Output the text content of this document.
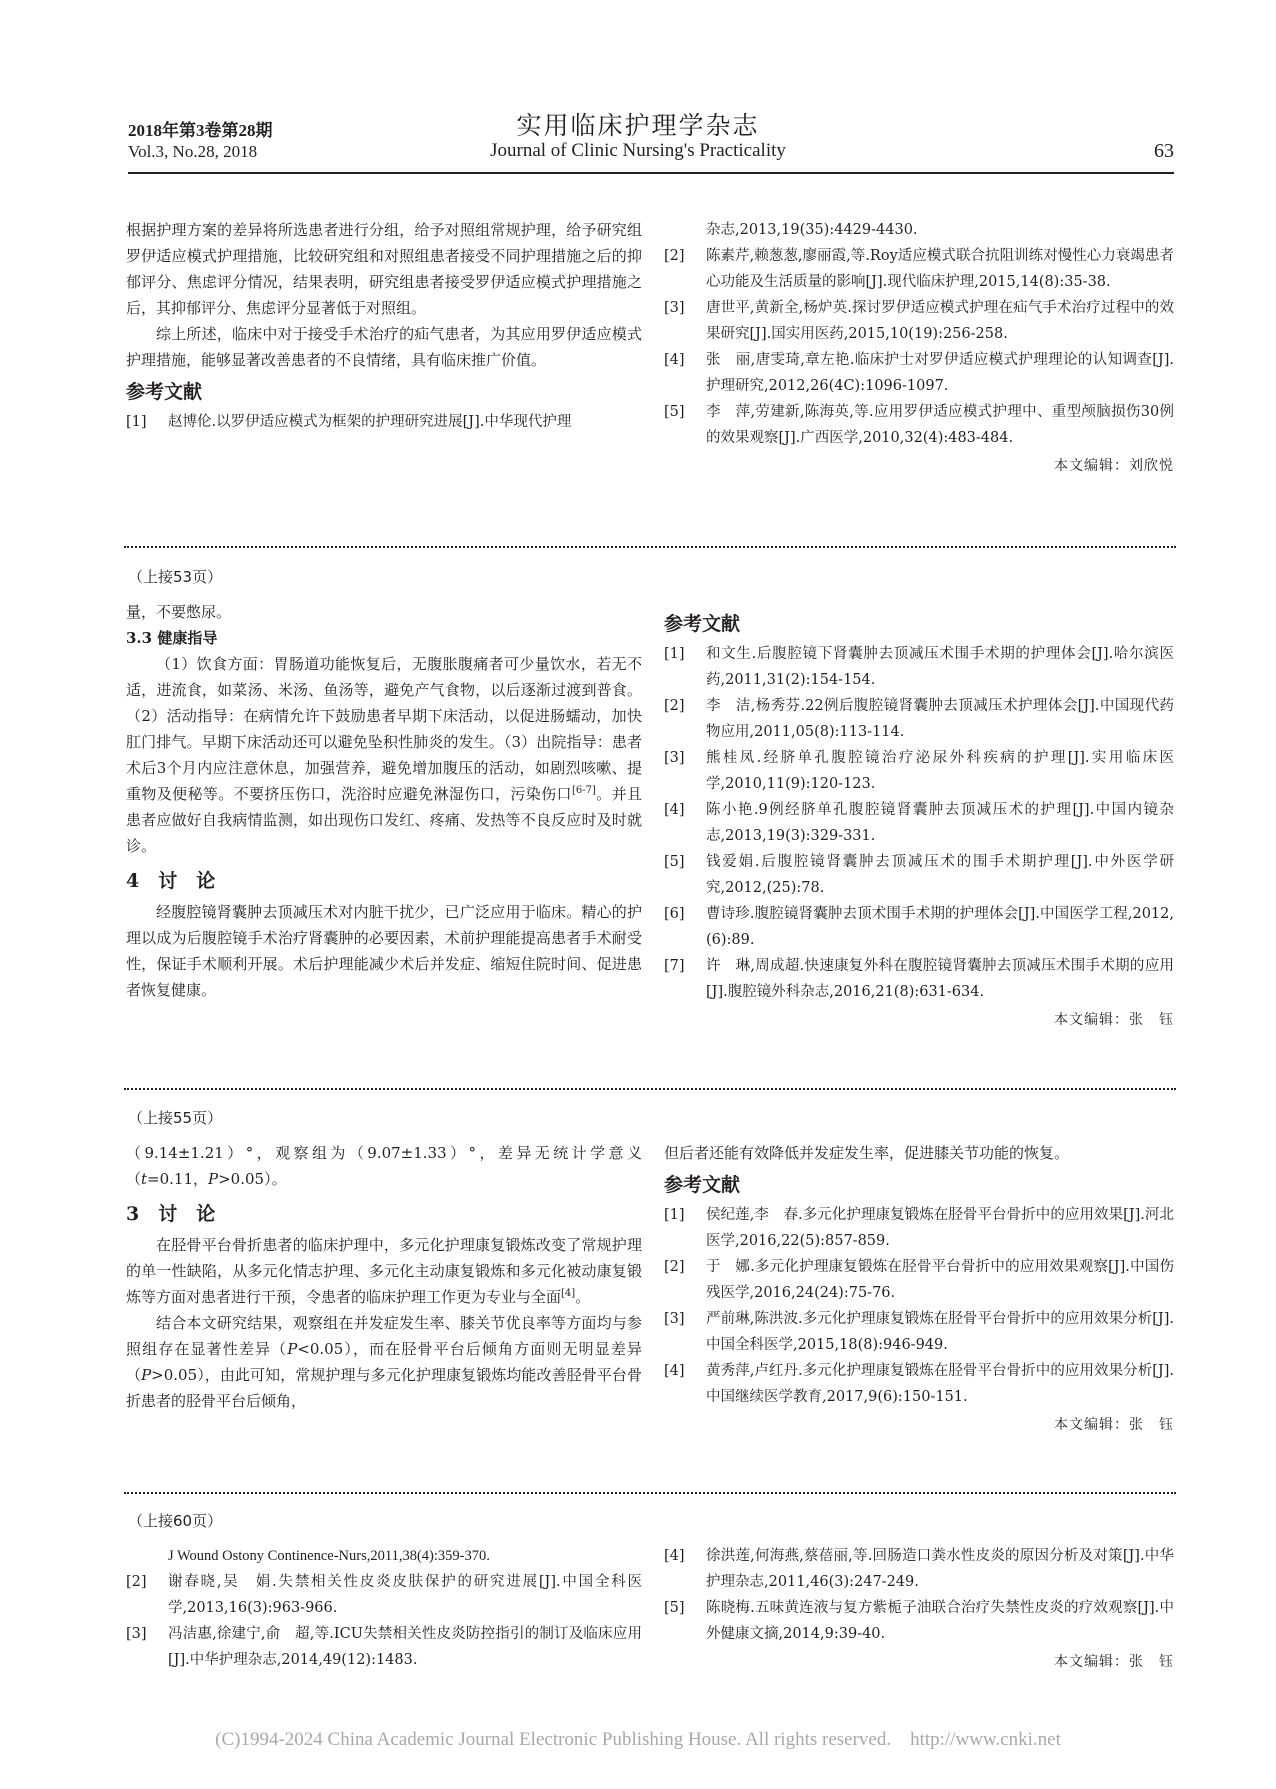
2018年第3卷第28期
Vol.3, No.28, 2018
实用临床护理学杂志
Journal of Clinic Nursing's Practicality	63

根据护理方案的差异将所选患者进行分组，给予对照组常规护理，给予研究组罗伊适应模式护理措施，比较研究组和对照组患者接受不同护理措施之后的抑郁评分、焦虑评分情况，结果表明，研究组患者接受罗伊适应模式护理措施之后，其抑郁评分、焦虑评分显著低于对照组。

综上所述，临床中对于接受手术治疗的疝气患者，为其应用罗伊适应模式护理措施，能够显著改善患者的不良情绪，具有临床推广价值。

参考文献
[1]	赵博伦.以罗伊适应模式为框架的护理研究进展[J].中华现代护理
杂志,2013,19(35):4429-4430.
[2]	陈素芹,赖葱葱,廖丽霞,等.Roy适应模式联合抗阻训练对慢性心力衰竭患者心功能及生活质量的影响[J].现代临床护理,2015,14(8):35-38.
[3]	唐世平,黄新全,杨炉英.探讨罗伊适应模式护理在疝气手术治疗过程中的效果研究[J].国实用医药,2015,10(19):256-258.
[4]	张　丽,唐雯琦,章左艳.临床护士对罗伊适应模式护理理论的认知调查[J].护理研究,2012,26(4C):1096-1097.
[5]	李　萍,劳建新,陈海英,等.应用罗伊适应模式护理中、重型颅脑损伤30例的效果观察[J].广西医学,2010,32(4):483-484.
本文编辑：刘欣悦
（上接53页）

量，不要憋尿。

3.3 健康指导

（1）饮食方面：胃肠道功能恢复后，无腹胀腹痛者可少量饮水，若无不适，进流食，如菜汤、米汤、鱼汤等，避免产气食物，以后逐渐过渡到普食。（2）活动指导：在病情允许下鼓励患者早期下床活动，以促进肠蠕动，加快肛门排气。早期下床活动还可以避免坠积性肺炎的发生。（3）出院指导：患者术后3个月内应注意休息，加强营养，避免增加腹压的活动，如剧烈咳嗽、提重物及便秘等。不要挤压伤口，洗浴时应避免淋湿伤口，污染伤口[6-7]。并且患者应做好自我病情监测，如出现伤口发红、疼痛、发热等不良反应时及时就诊。

4　讨　论

经腹腔镜肾囊肿去顶减压术对内脏干扰少，已广泛应用于临床。精心的护理以成为后腹腔镜手术治疗肾囊肿的必要因素，术前护理能提高患者手术耐受性，保证手术顺利开展。术后护理能减少术后并发症、缩短住院时间、促进患者恢复健康。

参考文献
[1]	和文生.后腹腔镜下肾囊肿去顶减压术围手术期的护理体会[J].哈尔滨医药,2011,31(2):154-154.
[2]	李　洁,杨秀芬.22例后腹腔镜肾囊肿去顶减压术护理体会[J].中国现代药物应用,2011,05(8):113-114.
[3]	熊桂凤.经脐单孔腹腔镜治疗泌尿外科疾病的护理[J].实用临床医学,2010,11(9):120-123.
[4]	陈小艳.9例经脐单孔腹腔镜肾囊肿去顶减压术的护理[J].中国内镜杂志,2013,19(3):329-331.
[5]	钱爱娟.后腹腔镜肾囊肿去顶减压术的围手术期护理[J].中外医学研究,2012,(25):78.
[6]	曹诗珍.腹腔镜肾囊肿去顶术围手术期的护理体会[J].中国医学工程,2012,(6):89.
[7]	许　琳,周成超.快速康复外科在腹腔镜肾囊肿去顶减压术围手术期的应用[J].腹腔镜外科杂志,2016,21(8):631-634.
本文编辑：张　钰
（上接55页）

（9.14±1.21）°，观察组为（9.07±1.33）°，差异无统计学意义（t=0.11，P>0.05）。

3　讨　论

在胫骨平台骨折患者的临床护理中，多元化护理康复锻炼改变了常规护理的单一性缺陷，从多元化情志护理、多元化主动康复锻炼和多元化被动康复锻炼等方面对患者进行干预，令患者的临床护理工作更为专业与全面[4]。

结合本文研究结果，观察组在并发症发生率、膝关节优良率等方面均与参照组存在显著性差异（P<0.05），而在胫骨平台后倾角方面则无明显差异（P>0.05），由此可知，常规护理与多元化护理康复锻炼均能改善胫骨平台骨折患者的胫骨平台后倾角，

但后者还能有效降低并发症发生率，促进膝关节功能的恢复。

参考文献
[1]	侯纪莲,李　春.多元化护理康复锻炼在胫骨平台骨折中的应用效果[J].河北医学,2016,22(5):857-859.
[2]	于　娜.多元化护理康复锻炼在胫骨平台骨折中的应用效果观察[J].中国伤残医学,2016,24(24):75-76.
[3]	严前琳,陈洪波.多元化护理康复锻炼在胫骨平台骨折中的应用效果分析[J].中国全科医学,2015,18(8):946-949.
[4]	黄秀萍,卢红丹.多元化护理康复锻炼在胫骨平台骨折中的应用效果分析[J].中国继续医学教育,2017,9(6):150-151.
本文编辑：张　钰
（上接60页）
J Wound Ostony Continence-Nurs,2011,38(4):359-370.
[2]	谢春晓,吴　娟.失禁相关性皮炎皮肤保护的研究进展[J].中国全科医学,2013,16(3):963-966.
[3]	冯洁惠,徐建宁,俞　超,等.ICU失禁相关性皮炎防控指引的制订及临床应用[J].中华护理杂志,2014,49(12):1483.
[4]	徐洪莲,何海燕,蔡蓓丽,等.回肠造口粪水性皮炎的原因分析及对策[J].中华护理杂志,2011,46(3):247-249.
[5]	陈晓梅.五味黄连液与复方紫栀子油联合治疗失禁性皮炎的疗效观察[J].中外健康文摘,2014,9:39-40.
本文编辑：张　钰
(C)1994-2024 China Academic Journal Electronic Publishing House. All rights reserved.　http://www.cnki.net
